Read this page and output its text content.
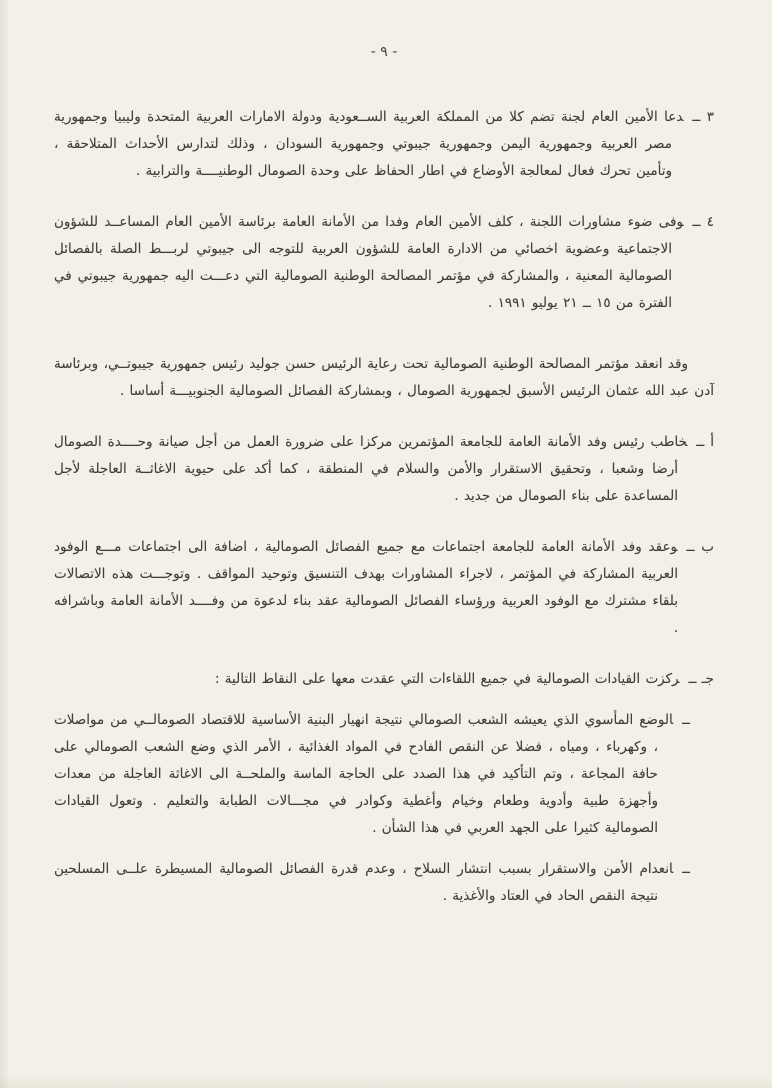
- ٩ -

٣ ــدعا الأمين العام لجنة تضم كلا من المملكة العربية الســعودية ودولة الامارات العربية المتحدة وليبيا وجمهورية مصر العربية وجمهورية اليمن وجمهورية جيبوتي وجمهورية السودان ، وذلك لتدارس الأحداث المتلاحقة ، وتأمين تحرك فعال لمعالجة الأوضاع في اطار الحفاظ على وحدة الصومال الوطنيــــة والترابية .

٤ ــوفى ضوء مشاورات اللجنة ، كلف الأمين العام وفدا من الأمانة العامة برئاسة الأمين العام المساعــد للشؤون الاجتماعية وعضوية اخصائي من الادارة العامة للشؤون العربية للتوجه الى جيبوتي لربـــط الصلة بالفصائل الصومالية المعنية ، والمشاركة في مؤتمر المصالحة الوطنية الصومالية التي دعـــت اليه جمهورية جيبوتي في الفترة من ١٥ ــ ٢١ يوليو ١٩٩١ .

وقد انعقد مؤتمر المصالحة الوطنية الصومالية تحت رعاية الرئيس حسن جوليد رئيس جمهورية جيبوتــي، وبرئاسة آدن عبد الله عثمان الرئيس الأسبق لجمهورية الصومال ، وبمشاركة الفصائل الصومالية الجنوبيـــة أساسا .

أ ــخاطب رئيس وفد الأمانة العامة للجامعة المؤتمرين مركزا على ضرورة العمل من أجل صيانة وحــــدة الصومال أرضا وشعبا ، وتحقيق الاستقرار والأمن والسلام في المنطقة ، كما أكد على حيوية الاغاثــة العاجلة لأجل المساعدة على بناء الصومال من جديد .

ب ــوعقد وفد الأمانة العامة للجامعة اجتماعات مع جميع الفصائل الصومالية ، اضافة الى اجتماعات مـــع الوفود العربية المشاركة في المؤتمر ، لاجراء المشاورات بهدف التنسيق وتوحيد المواقف . وتوجـــت هذه الاتصالات بلقاء مشترك مع الوفود العربية ورؤساء الفصائل الصومالية عقد بناء لدعوة من وفــــد الأمانة العامة وباشرافه .

جـ ــركزت القيادات الصومالية في جميع اللقاءات التي عقدت معها على النقاط التالية :

ــالوضع المأسوي الذي يعيشه الشعب الصومالي نتيجة انهيار البنية الأساسية للاقتصاد الصومالــي من مواصلات ، وكهرباء ، ومياه ، فضلا عن النقص الفادح في المواد الغذائية ، الأمر الذي وضع الشعب الصومالي على حافة المجاعة ، وتم التأكيد في هذا الصدد على الحاجة الماسة والملحــة الى الاغاثة العاجلة من معدات وأجهزة طبية وأدوية وطعام وخيام وأغطية وكوادر في مجـــالات الطبابة والتعليم . وتعول القيادات الصومالية كثيرا على الجهد العربي في هذا الشأن .

ــانعدام الأمن والاستقرار بسبب انتشار السلاح ، وعدم قدرة الفصائل الصومالية المسيطرة علــى المسلحين نتيجة النقص الحاد في العتاد والأغذية .
